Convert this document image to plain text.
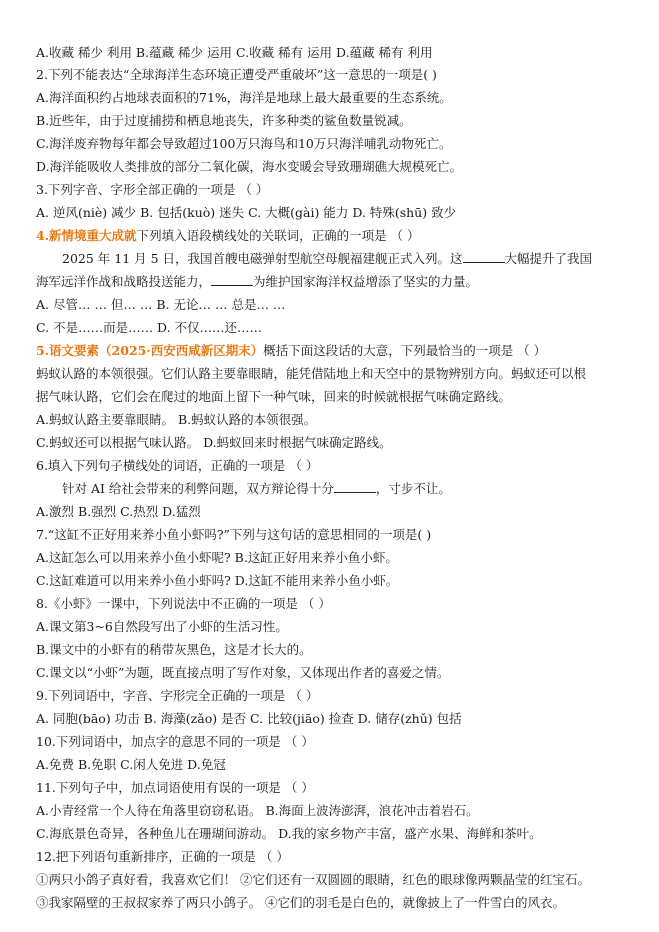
A.收藏 稀少 利用 B.蕴藏 稀少 运用 C.收藏 稀有 运用 D.蕴藏 稀有 利用
2.下列不能表达“全球海洋生态环境正遭受严重破坏”这一意思的一项是( )
A.海洋面积约占地球表面积的71%，海洋是地球上最大最重要的生态系统。
B.近些年，由于过度捕捞和栖息地丧失，许多种类的鲨鱼数量锐减。
C.海洋废弃物每年都会导致超过100万只海鸟和10万只海洋哺乳动物死亡。
D.海洋能吸收人类排放的部分二氧化碳，海水变暖会导致珊瑚礁大规模死亡。
3.下列字音、字形全部正确的一项是 （ ）
A. 逆风(niè) 减少 B. 包括(kuò) 迷失 C. 大概(gài) 能力 D. 特殊(shū) 致少
4.新情境重大成就下列填入语段横线处的关联词，正确的一项是 （ ）
2025 年 11 月 5 日，我国首艘电磁弹射型航空母舰福建舰正式入列。这	大幅提升了我国
海军远洋作战和战略投送能力，	为维护国家海洋权益增添了坚实的力量。
A. 尽管… … 但… … B. 无论… … 总是… …
C. 不是……而是…… D. 不仅……还……
5.语文要素（2025·西安西咸新区期末）概括下面这段话的大意，下列最恰当的一项是 （ ）
蚂蚁认路的本领很强。它们认路主要靠眼睛，能凭借陆地上和天空中的景物辨别方向。蚂蚁还可以根
据气味认路，它们会在爬过的地面上留下一种气味，回来的时候就根据气味确定路线。
A.蚂蚁认路主要靠眼睛。 B.蚂蚁认路的本领很强。
C.蚂蚁还可以根据气味认路。 D.蚂蚁回来时根据气味确定路线。
6.填入下列句子横线处的词语，正确的一项是 （ ）
针对 AI 给社会带来的利弊问题，双方辩论得十分	，寸步不让。
A.激烈 B.强烈 C.热烈 D.猛烈
7.“这缸不正好用来养小鱼小虾吗?”下列与这句话的意思相同的一项是( )
A.这缸怎么可以用来养小鱼小虾呢? B.这缸正好用来养小鱼小虾。
C.这缸难道可以用来养小鱼小虾吗? D.这缸不能用来养小鱼小虾。
8.《小虾》一课中，下列说法中不正确的一项是 （ ）
A.课文第3~6自然段写出了小虾的生活习性。
B.课文中的小虾有的稍带灰黑色，这是才长大的。
C.课文以“小虾”为题，既直接点明了写作对象，又体现出作者的喜爱之情。
9.下列词语中，字音、字形完全正确的一项是 （ ）
A. 同胞(bāo) 功击 B. 海藻(zǎo) 是否 C. 比较(jiāo) 捡查 D. 储存(zhǔ) 包括
10.下列词语中，加点字的意思不同的一项是 （ ）
A.免费 B.免职 C.闲人免进 D.免冠
11.下列句子中，加点词语使用有误的一项是 （ ）
A.小青经常一个人待在角落里窃窃私语。 B.海面上波涛澎湃，浪花冲击着岩石。
C.海底景色奇异，各种鱼儿在珊瑚间游动。 D.我的家乡物产丰富，盛产水果、海鲜和茶叶。
12.把下列语句重新排序，正确的一项是 （ ）
①两只小鸽子真好看，我喜欢它们！ ②它们还有一双圆圆的眼睛，红色的眼球像两颗晶莹的红宝石。
③我家隔壁的王叔叔家养了两只小鸽子。 ④它们的羽毛是白色的，就像披上了一件雪白的风衣。
